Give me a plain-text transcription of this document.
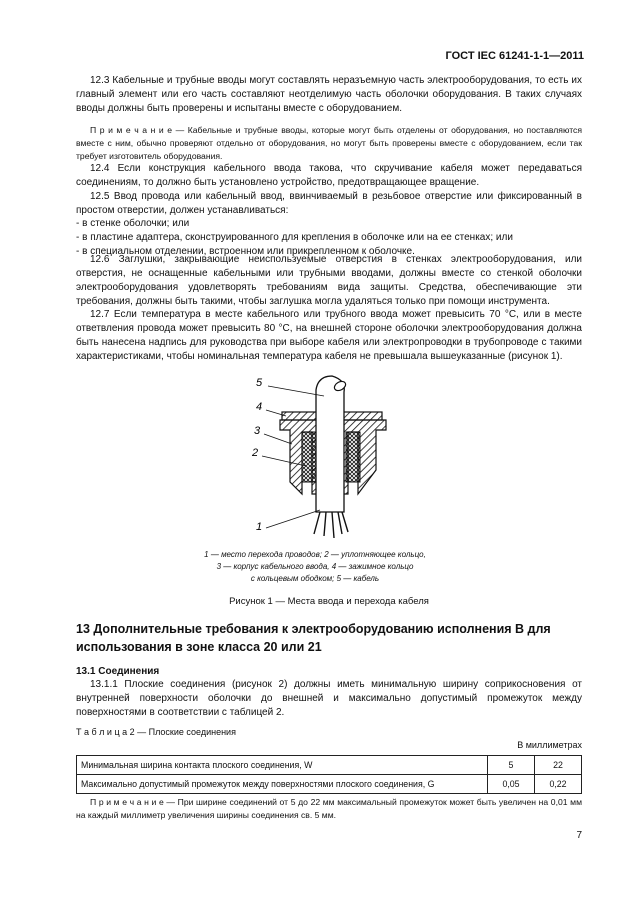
ГОСТ IEC 61241-1-1—2011

12.3 Кабельные и трубные вводы могут составлять неразъемную часть электрооборудования, то есть их главный элемент или его часть составляют неотделимую часть оболочки оборудования. В таких случаях вводы должны быть проверены и испытаны вместе с оборудованием.

П р и м е ч а н и е — Кабельные и трубные вводы, которые могут быть отделены от оборудования, но поставляются вместе с ним, обычно проверяют отдельно от оборудования, но могут быть проверены вместе с оборудованием, если так требует изготовитель оборудования.

12.4 Если конструкция кабельного ввода такова, что скручивание кабеля может передаваться соединениям, то должно быть установлено устройство, предотвращающее вращение.

12.5 Ввод провода или кабельный ввод, ввинчиваемый в резьбовое отверстие или фиксированный в простом отверстии, должен устанавливаться:

- в стенке оболочки; или
- в пластине адаптера, сконструированного для крепления в оболочке или на ее стенках; или
- в специальном отделении, встроенном или прикрепленном к оболочке.

12.6 Заглушки, закрывающие неиспользуемые отверстия в стенках электрооборудования, или отверстия, не оснащенные кабельными или трубными вводами, должны вместе со стенкой оболочки электрооборудования удовлетворять требованиям вида защиты. Средства, обеспечивающие эти требования, должны быть такими, чтобы заглушка могла удаляться только при помощи инструмента.

12.7 Если температура в месте кабельного или трубного ввода может превысить 70 °C, или в месте ответвления провода может превысить 80 °C, на внешней стороне оболочки электрооборудования должна быть нанесена надпись для руководства при выборе кабеля или электропроводки в трубопроводе с такими характеристиками, чтобы номинальная температура кабеля не превышала вышеуказанные (рисунок 1).

5
4
3
2
1
1 — место перехода проводов; 2 — уплотняющее кольцо,
3 — корпус кабельного ввода, 4 — зажимное кольцо
с кольцевым ободком; 5 — кабель
Рисунок 1 — Места ввода и перехода кабеля

13 Дополнительные требования к электрооборудованию исполнения В для использования в зоне класса 20 или 21

13.1 Соединения

13.1.1 Плоские соединения (рисунок 2) должны иметь минимальную ширину соприкосновения от внутренней поверхности оболочки до внешней и максимально допустимый промежуток между поверхностями в соответствии с таблицей 2.

Т а б л и ц а 2 — Плоские соединения
В миллиметрах
Минимальная ширина контакта плоского соединения, W	5	22
Максимально допустимый промежуток между поверхностями плоского соединения, G	0,05	0,22

П р и м е ч а н и е — При ширине соединений от 5 до 22 мм максимальный промежуток может быть увеличен на 0,01 мм на каждый миллиметр увеличения ширины соединения св. 5 мм.

7
